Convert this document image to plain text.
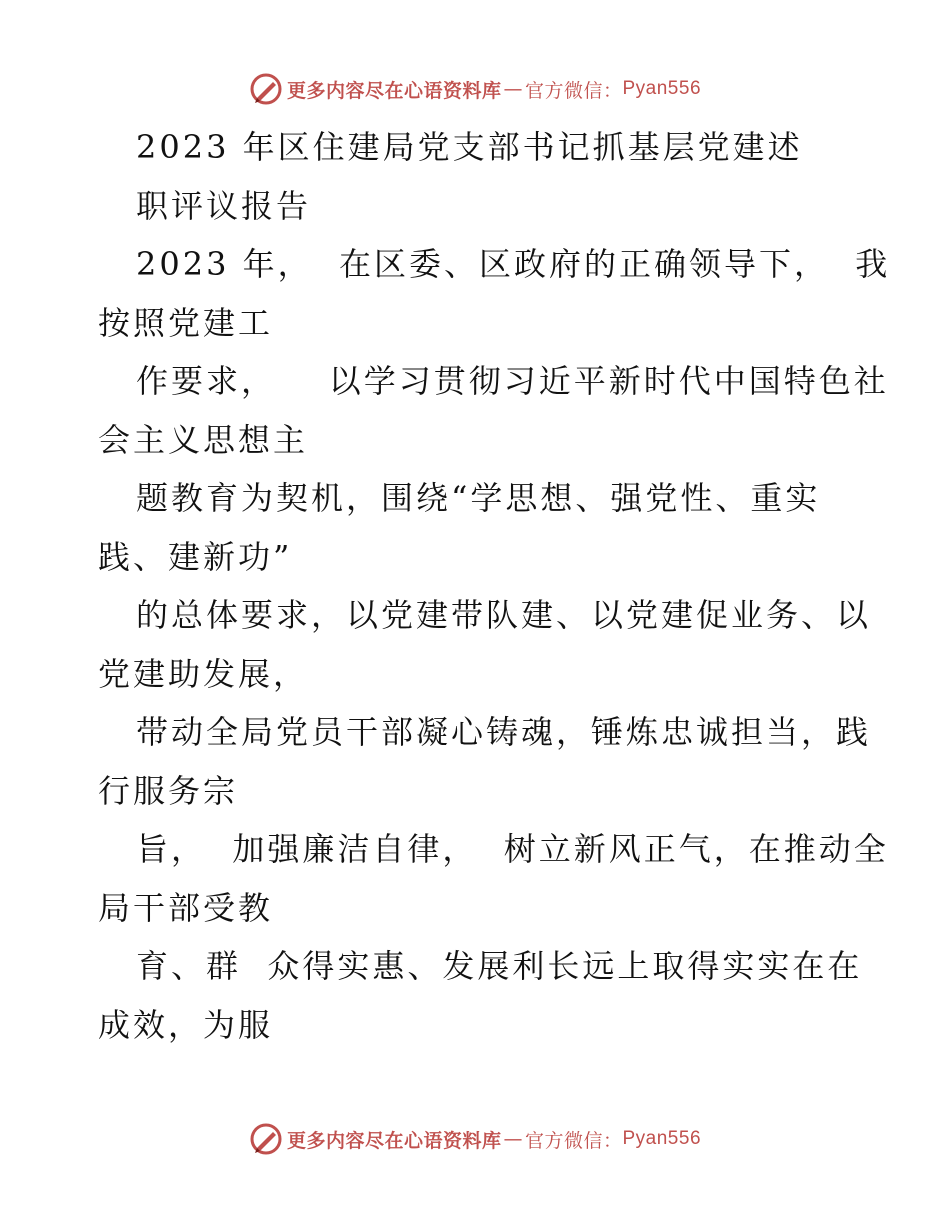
更多内容尽在心语资料库 — 官方微信： Pyan556
2023 年区住建局党支部书记抓基层党建述
职评议报告
2023 年，  在区委、区政府的正确领导下，  我
按照党建工
作要求，    以学习贯彻习近平新时代中国特色社
会主义思想主
题教育为契机，围绕“学思想、强党性、重实
践、建新功”
的总体要求，以党建带队建、以党建促业务、以
党建助发展，
带动全局党员干部凝心铸魂，锤炼忠诚担当，践
行服务宗
旨，  加强廉洁自律，  树立新风正气，在推动全
局干部受教
育、群  众得实惠、发展利长远上取得实实在在
成效，为服
更多内容尽在心语资料库 — 官方微信： Pyan556
